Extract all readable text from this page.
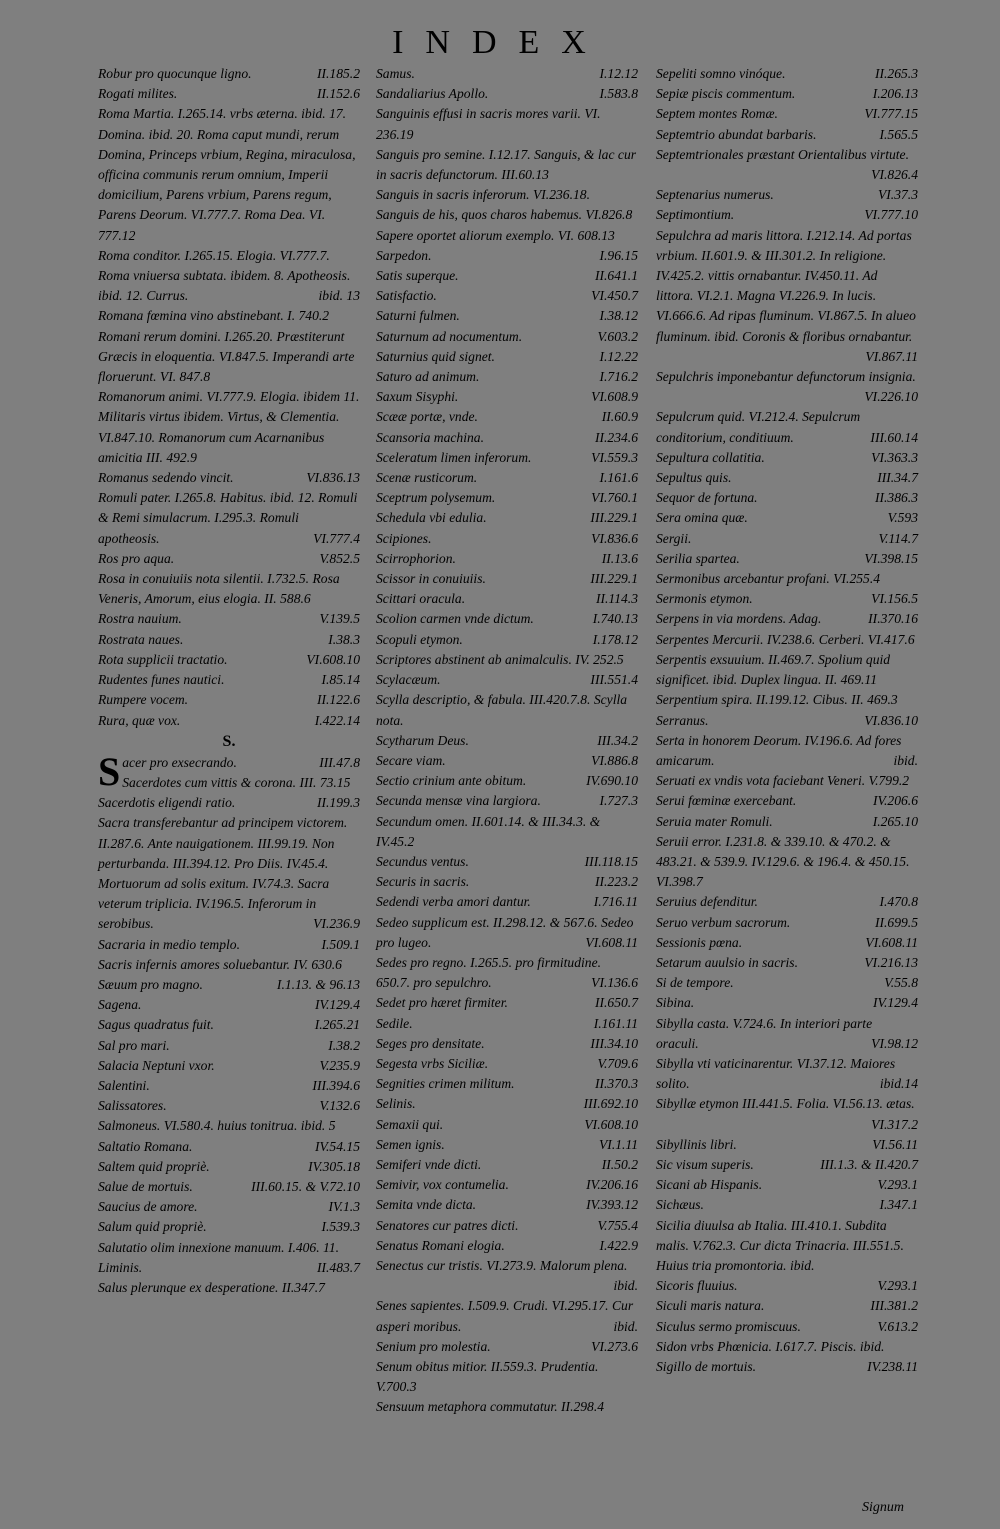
INDEX
Robur pro quocunque ligno.	II.185.2
Rogati milites.	II.152.6
Roma Martia. I.265.14. vrbs æterna. ibid. 17. Domina. ibid. 20. Roma caput mundi, rerum Domina, Princeps vrbium, Regina, miraculosa, officina communis rerum omnium, Imperii domicilium, Parens vrbium, Parens regum, Parens Deorum. VI.777.7. Roma Dea. VI. 777.12
Roma conditor. I.265.15. Elogia. VI.777.7. Roma vniuersa subtata. ibidem. 8. Apotheosis. ibid. 12. Currus.	ibid. 13
Romana fœmina vino abstinebant. I. 740.2
Romani rerum domini. I.265.20. Præstiterunt Græcis in eloquentia. VI.847.5. Imperandi arte floruerunt. VI. 847.8
Romanorum animi. VI.777.9. Elogia. ibidem 11. Militaris virtus ibidem. Virtus, & Clementia. VI.847.10. Romanorum cum Acarnanibus amicitia III. 492.9
Romanus sedendo vincit.	VI.836.13
Romuli pater. I.265.8. Habitus. ibid. 12. Romuli & Remi simulacrum. I.295.3. Romuli apotheosis.	VI.777.4
Ros pro aqua.	V.852.5
Rosa in conuiuiis nota silentii. I.732.5. Rosa Veneris, Amorum, eius elogia. II. 588.6
Rostra nauium.	V.139.5
Rostrata naues.	I.38.3
Rota supplicii tractatio.	VI.608.10
Rudentes funes nautici.	I.85.14
Rumpere vocem.	II.122.6
Rura, quæ vox.	I.422.14
S.
S acer pro exsecrando.	III.47.8
Sacerdotes cum vittis & corona. III. 73.15
Sacerdotis eligendi ratio.	II.199.3
Sacra transferebantur ad principem victorem. II.287.6. Ante nauigationem. III.99.19. Non perturbanda. III.394.12. Pro Diis. IV.45.4. Mortuorum ad solis exitum. IV.74.3. Sacra veterum triplicia. IV.196.5. Inferorum in serobibus.	VI.236.9
Sacraria in medio templo.	I.509.1
Sacris infernis amores soluebantur. IV. 630.6
Sæuum pro magno.	I.1.13. & 96.13
Sagena.	IV.129.4
Sagus quadratus fuit.	I.265.21
Sal pro mari.	I.38.2
Salacia Neptuni vxor.	V.235.9
Salentini.	III.394.6
Salissatores.	V.132.6
Salmoneus. VI.580.4. huius tonitrua. ibid. 5
Saltatio Romana.	IV.54.15
Saltem quid propriè.	IV.305.18
Salue de mortuis.	III.60.15. & V.72.10
Saucius de amore.	IV.1.3
Salum quid propriè.	I.539.3
Salutatio olim innexione manuum. I.406. 11. Liminis.	II.483.7
Salus plerunque ex desperatione. II.347.7
Samus.	I.12.12
Sandaliarius Apollo.	I.583.8
Sanguinis effusi in sacris mores varii. VI. 236.19
Sanguis pro semine. I.12.17. Sanguis, & lac cur in sacris defunctorum. III.60.13
Sanguis in sacris inferorum. VI.236.18.
Sanguis de his, quos charos habemus. VI.826.8
Sapere oportet aliorum exemplo. VI. 608.13
Sarpedon.	I.96.15
Satis superque.	II.641.1
Satisfactio.	VI.450.7
Saturni fulmen.	I.38.12
Saturnum ad nocumentum.	V.603.2
Saturnius quid signet.	I.12.22
Saturo ad animum.	I.716.2
Saxum Sisyphi.	VI.608.9
Scææ portæ, vnde.	II.60.9
Scansoria machina.	II.234.6
Sceleratum limen inferorum.	VI.559.3
Scenæ rusticorum.	I.161.6
Sceptrum polysemum.	VI.760.1
Schedula vbi edulia.	III.229.1
Scipiones.	VI.836.6
Scirrophorion.	II.13.6
Scissor in conuiuiis.	III.229.1
Scittari oracula.	II.114.3
Scolion carmen vnde dictum.	I.740.13
Scopuli etymon.	I.178.12
Scriptores abstinent ab animalculis. IV. 252.5
Scylacæum.	III.551.4
Scylla descriptio, & fabula. III.420.7.8. Scylla nota.
Scytharum Deus.	III.34.2
Secare viam.	VI.886.8
Sectio crinium ante obitum.	IV.690.10
Secunda mensæ vina largiora.	I.727.3
Secundum omen. II.601.14. & III.34.3. & IV.45.2
Secundus ventus.	III.118.15
Securis in sacris.	II.223.2
Sedendi verba amori dantur.	I.716.11
Sedeo supplicum est. II.298.12. & 567.6. Sedeo pro lugeo.	VI.608.11
Sedes pro regno. I.265.5. pro firmitudine. 650.7. pro sepulchro.	VI.136.6
Sedet pro hæret firmiter.	II.650.7
Sedile.	I.161.11
Seges pro densitate.	III.34.10
Segesta vrbs Siciliæ.	V.709.6
Segnities crimen militum.	II.370.3
Selinis.	III.692.10
Semaxii qui.	VI.608.10
Semen ignis.	VI.1.11
Semiferi vnde dicti.	II.50.2
Semivir, vox contumelia.	IV.206.16
Semita vnde dicta.	IV.393.12
Senatores cur patres dicti.	V.755.4
Senatus Romani elogia.	I.422.9
Senectus cur tristis. VI.273.9. Malorum plena.
ibid.
Senes sapientes. I.509.9. Crudi. VI.295.17. Cur asperi moribus.	ibid.
Senium pro molestia.	VI.273.6
Senum obitus mitior. II.559.3. Prudentia. V.700.3
Sensuum metaphora commutatur. II.298.4
Sepeliti somno vinóque.	II.265.3
Sepiæ piscis commentum.	I.206.13
Septem montes Romæ.	VI.777.15
Septemtrio abundat barbaris.	I.565.5
Septemtrionales præstant Orientalibus virtute.
VI.826.4
Septenarius numerus.	VI.37.3
Septimontium.	VI.777.10
Sepulchra ad maris littora. I.212.14. Ad portas vrbium. II.601.9. & III.301.2. In religione. IV.425.2. vittis ornabantur. IV.450.11. Ad littora. VI.2.1. Magna VI.226.9. In lucis. VI.666.6. Ad ripas fluminum. VI.867.5. In alueo fluminum. ibid. Coronis & floribus ornabantur.
VI.867.11
Sepulchris imponebantur defunctorum insignia.
VI.226.10
Sepulcrum quid. VI.212.4. Sepulcrum conditorium, conditiuum.	III.60.14
Sepultura collatitia.	VI.363.3
Sepultus quis.	III.34.7
Sequor de fortuna.	II.386.3
Sera omina quæ.	V.593
Sergii.	V.114.7
Serilia spartea.	VI.398.15
Sermonibus arcebantur profani. VI.255.4 Sermonis etymon.	VI.156.5
Serpens in via mordens. Adag.	II.370.16
Serpentes Mercurii. IV.238.6. Cerberi. VI.417.6
Serpentis exsuuium. II.469.7. Spolium quid significet. ibid. Duplex lingua. II. 469.11
Serpentium spira. II.199.12. Cibus. II. 469.3
Serranus.	VI.836.10
Serta in honorem Deorum. IV.196.6. Ad fores amicarum.	ibid.
Seruati ex vndis vota faciebant Veneri. V.799.2
Serui fœminæ exercebant.	IV.206.6
Seruia mater Romuli.	I.265.10
Seruii error. I.231.8. & 339.10. & 470.2. & 483.21. & 539.9. IV.129.6. & 196.4. & 450.15. VI.398.7
Seruius defenditur.	I.470.8
Seruo verbum sacrorum.	II.699.5
Sessionis pœna.	VI.608.11
Setarum auulsio in sacris.	VI.216.13
Si de tempore.	V.55.8
Sibina.	IV.129.4
Sibylla casta. V.724.6. In interiori parte oraculi.	VI.98.12
Sibylla vti vaticinarentur. VI.37.12. Maiores solito.	ibid.14
Sibyllæ etymon III.441.5. Folia. VI.56.13. ætas.
VI.317.2
Sibyllinis libri.	VI.56.11
Sic visum superis.	III.1.3. & II.420.7
Sicani ab Hispanis.	V.293.1
Sichæus.	I.347.1
Sicilia diuulsa ab Italia. III.410.1. Subdita malis. V.762.3. Cur dicta Trinacria. III.551.5. Huius tria promontoria. ibid.
Sicoris fluuius.	V.293.1
Siculi maris natura.	III.381.2
Siculus sermo promiscuus.	V.613.2
Sidon vrbs Phœnicia. I.617.7. Piscis. ibid.
Sigillo de mortuis.	IV.238.11
Signum
